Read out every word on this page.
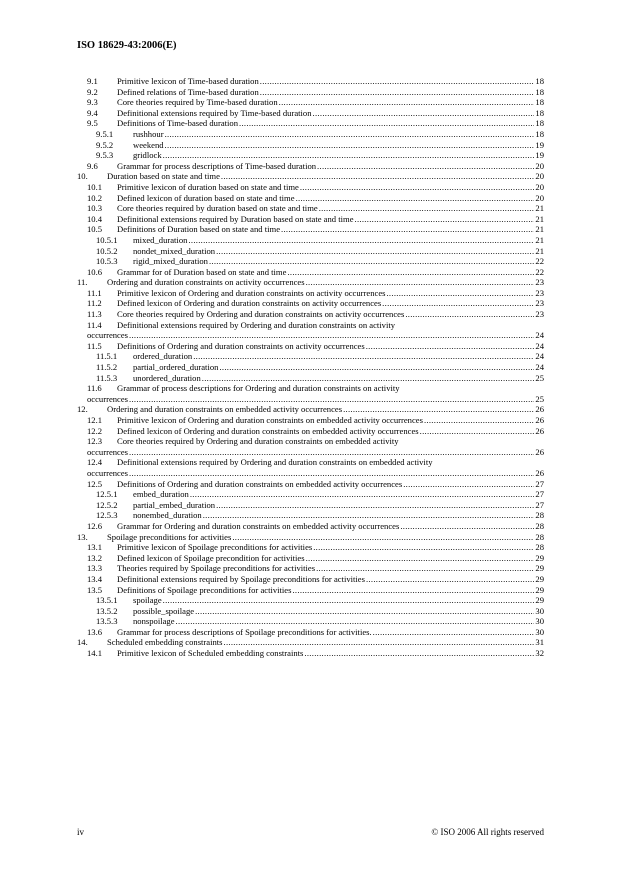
ISO 18629-43:2006(E)
9.1	Primitive lexicon of Time-based duration .....	18
9.2	Defined relations of Time-based duration .....	18
9.3	Core theories required by Time-based duration .....	18
9.4	Definitional extensions required by Time-based duration .....	18
9.5	Definitions of Time-based duration .....	18
9.5.1	rushhour .....	18
9.5.2	weekend .....	19
9.5.3	gridlock .....	19
9.6	Grammar for process descriptions of Time-based duration .....	20
10.	Duration based on state and time .....	20
10.1	Primitive lexicon of duration based on state and time .....	20
10.2	Defined lexicon of duration based on state and time .....	20
10.3	Core theories required by duration based on state and time .....	21
10.4	Definitional extensions required by Duration based on state and time .....	21
10.5	Definitions of Duration based on state and time .....	21
10.5.1	mixed_duration .....	21
10.5.2	nondet_mixed_duration .....	21
10.5.3	rigid_mixed_duration .....	22
10.6	Grammar for of Duration based on state and time .....	22
11.	Ordering and duration constraints on activity occurrences .....	23
11.1	Primitive lexicon of Ordering and duration constraints on activity occurrences .....	23
11.2	Defined lexicon of Ordering and duration constraints on activity occurrences .....	23
11.3	Core theories required by Ordering and duration constraints on activity occurrences .....	23
11.4	Definitional extensions required by Ordering and duration constraints on activity
occurrences .....	24
11.5	Definitions of Ordering and duration constraints on activity occurrences .....	24
11.5.1	ordered_duration .....	24
11.5.2	partial_ordered_duration .....	24
11.5.3	unordered_duration .....	25
11.6	Grammar of process descriptions for Ordering and duration constraints on activity
occurrences .....	25
12.	Ordering and duration constraints on embedded activity occurrences .....	26
12.1	Primitive lexicon of Ordering and duration constraints on embedded activity occurrences .....	26
12.2	Defined lexicon of Ordering and duration constraints on embedded activity occurrences .....	26
12.3	Core theories required by Ordering and duration constraints on embedded activity
occurrences .....	26
12.4	Definitional extensions required by Ordering and duration constraints on embedded activity
occurrences .....	26
12.5	Definitions of Ordering and duration constraints on embedded activity occurrences .....	27
12.5.1	embed_duration .....	27
12.5.2	partial_embed_duration .....	27
12.5.3	nonembed_duration .....	28
12.6	Grammar for Ordering and duration constraints on embedded activity occurrences .....	28
13.	Spoilage preconditions for activities .....	28
13.1	Primitive lexicon of Spoilage preconditions for activities .....	28
13.2	Defined lexicon of Spoilage precondition for activities .....	29
13.3	Theories required by Spoilage preconditions for activities .....	29
13.4	Definitional extensions required by Spoilage preconditions for activities .....	29
13.5	Definitions of Spoilage preconditions for activities .....	29
13.5.1	spoilage .....	29
13.5.2	possible_spoilage .....	30
13.5.3	nonspoilage .....	30
13.6	Grammar for process descriptions of Spoilage preconditions for activities. .....	30
14.	Scheduled embedding constraints .....	31
14.1	Primitive lexicon of Scheduled embedding constraints .....	32
iv	© ISO 2006 All rights reserved
